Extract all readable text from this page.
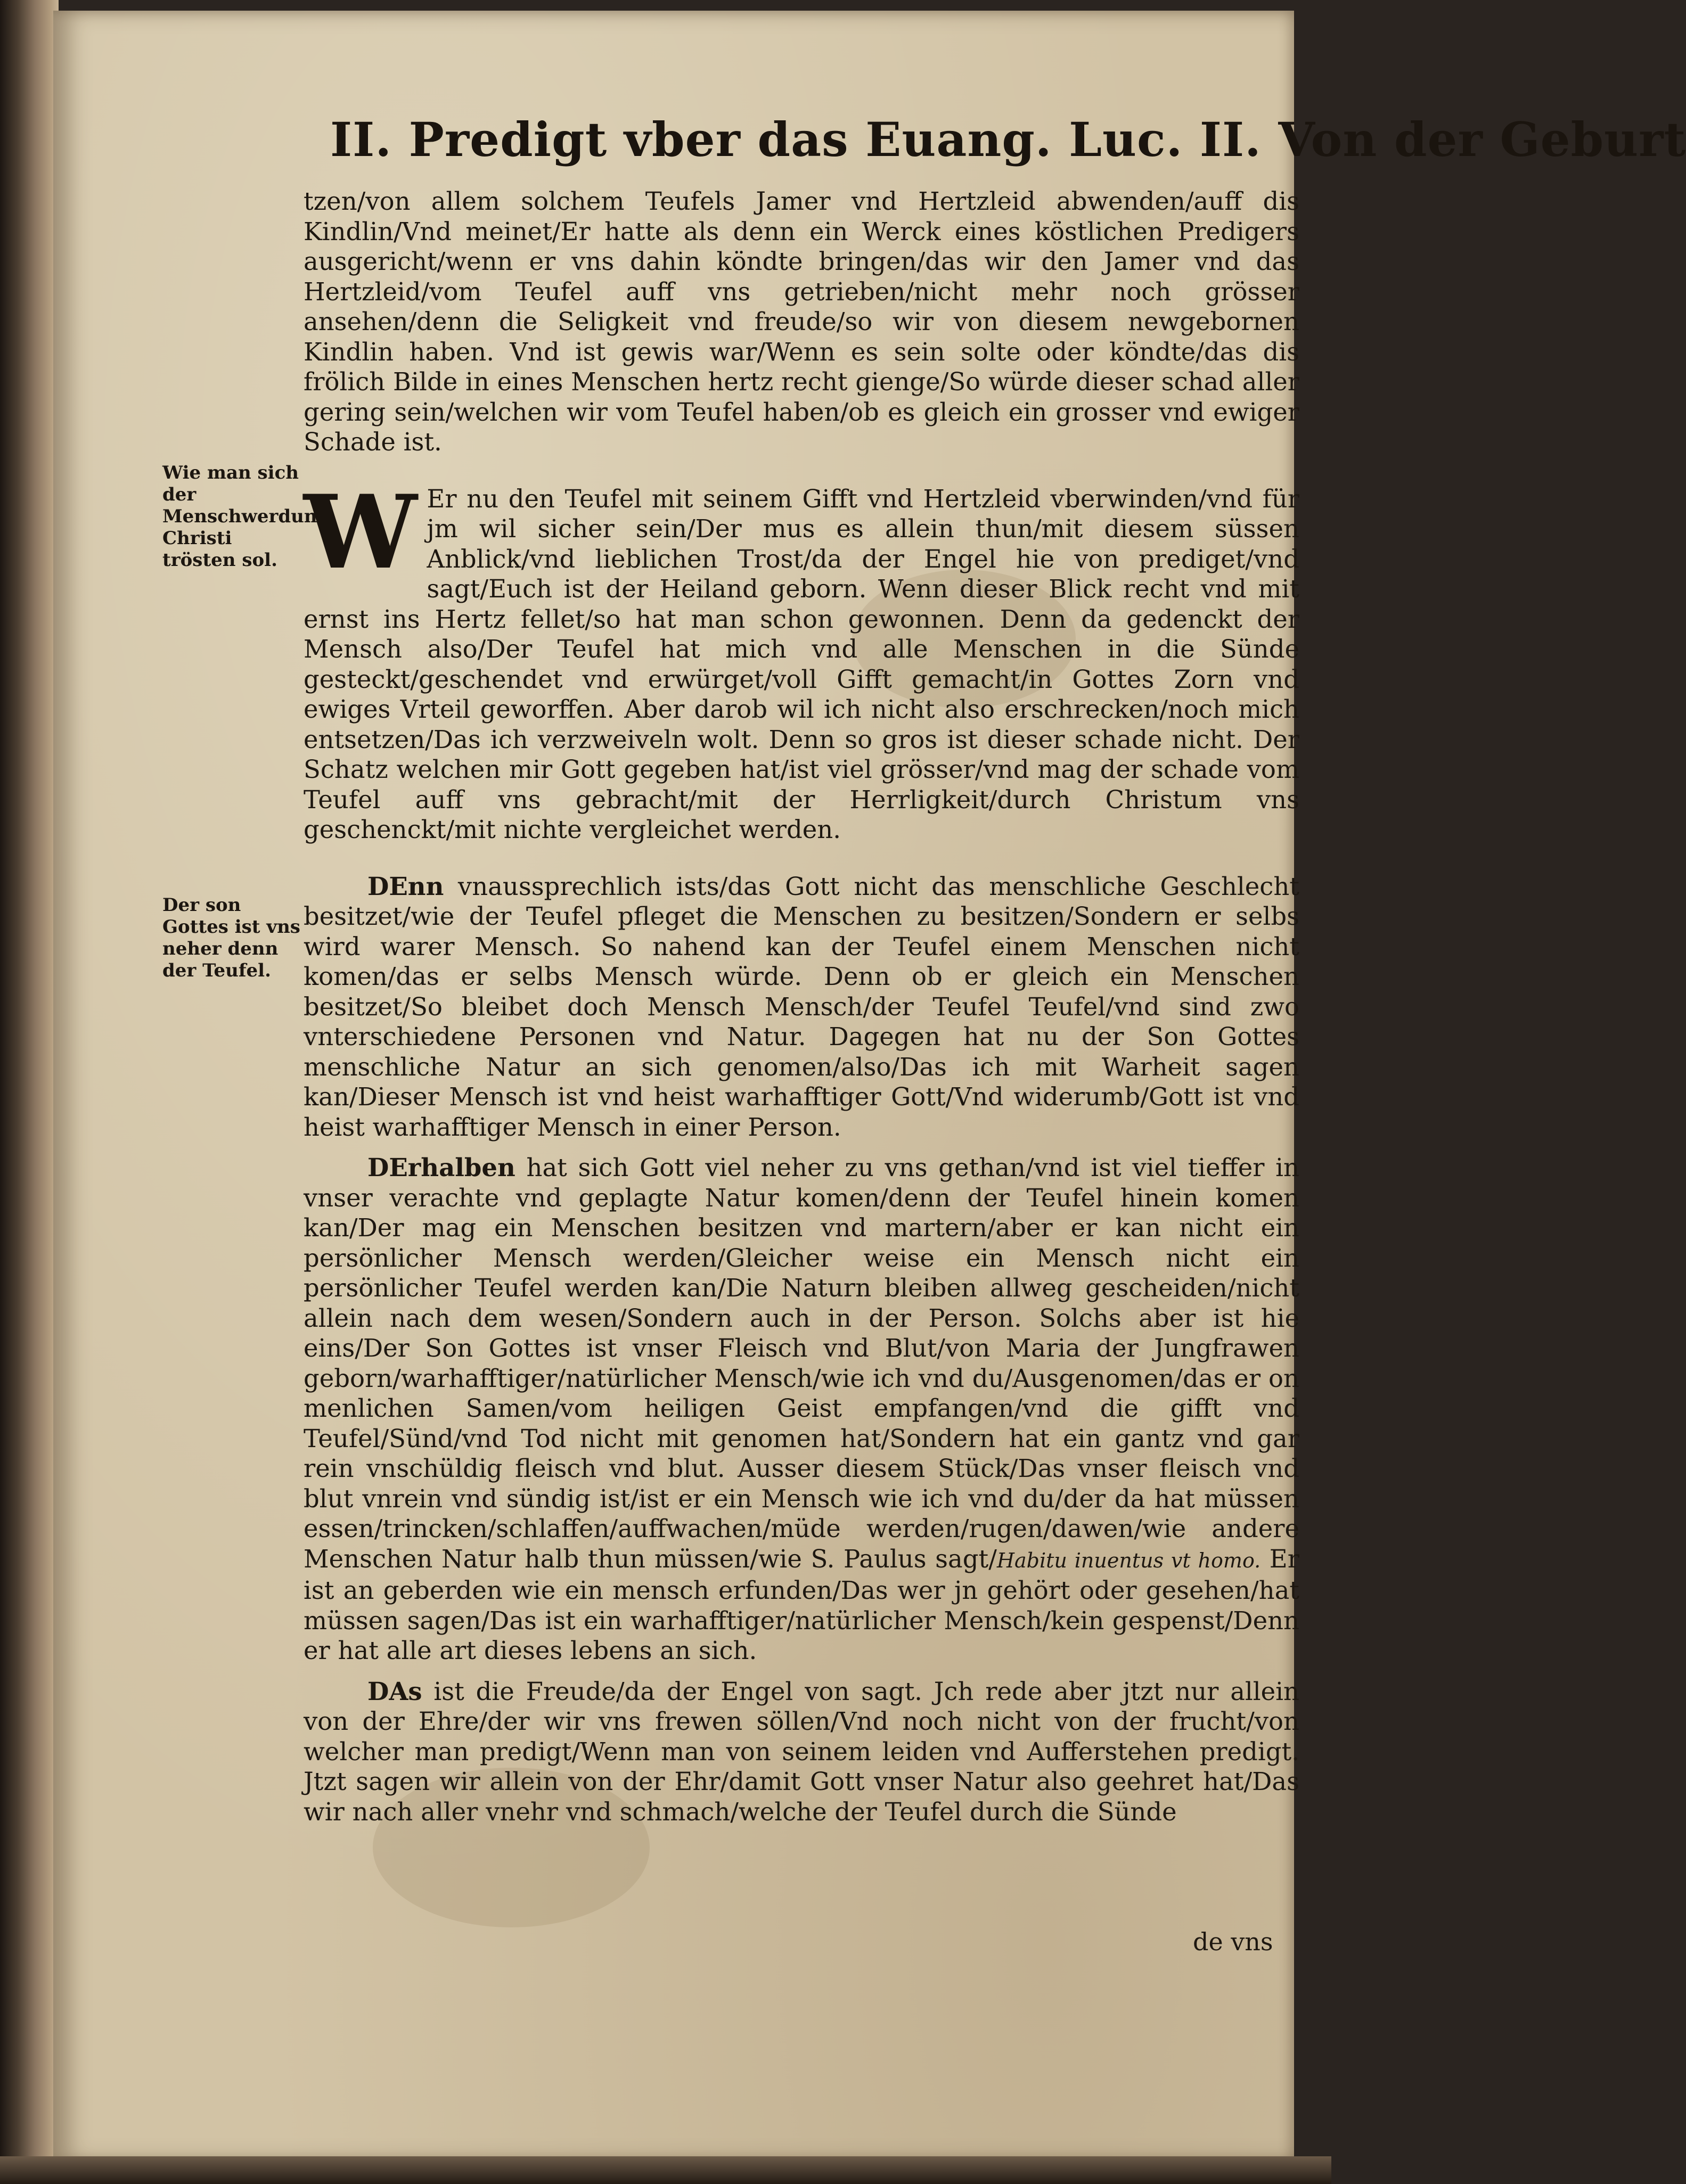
II. Predigt vber das Euang. Luc. II. Von der Geburt
Wie man sich der Menschwerdung Christi trösten sol.
Der son Gottes ist vns neher denn der Teufel.

tzen/von allem solchem Teufels Jamer vnd Hertzleid abwenden/auff dis Kindlin/Vnd meinet/Er hatte als denn ein Werck eines köstlichen Predigers ausgericht/wenn er vns dahin köndte bringen/das wir den Jamer vnd das Hertzleid/vom Teufel auff vns getrieben/nicht mehr noch grösser ansehen/denn die Seligkeit vnd freude/so wir von diesem newgebornen Kindlin haben. Vnd ist gewis war/Wenn es sein solte oder köndte/das dis frölich Bilde in eines Menschen hertz recht gienge/So würde dieser schad aller gering sein/welchen wir vom Teufel haben/ob es gleich ein grosser vnd ewiger Schade ist.

W Er nu den Teufel mit seinem Gifft vnd Hertzleid vberwinden/vnd für jm wil sicher sein/Der mus es allein thun/mit diesem süssen Anblick/vnd lieblichen Trost/da der Engel hie von prediget/vnd sagt/Euch ist der Heiland geborn. Wenn dieser Blick recht vnd mit ernst ins Hertz fellet/so hat man schon gewonnen. Denn da gedenckt der Mensch also/Der Teufel hat mich vnd alle Menschen in die Sünde gesteckt/geschendet vnd erwürget/voll Gifft gemacht/in Gottes Zorn vnd ewiges Vrteil geworffen. Aber darob wil ich nicht also erschrecken/noch mich entsetzen/Das ich verzweiveln wolt. Denn so gros ist dieser schade nicht. Der Schatz welchen mir Gott gegeben hat/ist viel grösser/vnd mag der schade vom Teufel auff vns gebracht/mit der Herrligkeit/durch Christum vns geschenckt/mit nichte vergleichet werden.

DEnn vnaussprechlich ists/das Gott nicht das menschliche Geschlecht besitzet/wie der Teufel pfleget die Menschen zu besitzen/Sondern er selbs wird warer Mensch. So nahend kan der Teufel einem Menschen nicht komen/das er selbs Mensch würde. Denn ob er gleich ein Menschen besitzet/So bleibet doch Mensch Mensch/der Teufel Teufel/vnd sind zwo vnterschiedene Personen vnd Natur. Dagegen hat nu der Son Gottes menschliche Natur an sich genomen/also/Das ich mit Warheit sagen kan/Dieser Mensch ist vnd heist warhafftiger Gott/Vnd widerumb/Gott ist vnd heist warhafftiger Mensch in einer Person.

DErhalben hat sich Gott viel neher zu vns gethan/vnd ist viel tieffer in vnser verachte vnd geplagte Natur komen/denn der Teufel hinein komen kan/Der mag ein Menschen besitzen vnd martern/aber er kan nicht ein persönlicher Mensch werden/Gleicher weise ein Mensch nicht ein persönlicher Teufel werden kan/Die Naturn bleiben allweg gescheiden/nicht allein nach dem wesen/Sondern auch in der Person. Solchs aber ist hie eins/Der Son Gottes ist vnser Fleisch vnd Blut/von Maria der Jungfrawen geborn/warhafftiger/natürlicher Mensch/wie ich vnd du/Ausgenomen/das er on menlichen Samen/vom heiligen Geist empfangen/vnd die gifft vnd Teufel/Sünd/vnd Tod nicht mit genomen hat/Sondern hat ein gantz vnd gar rein vnschüldig fleisch vnd blut. Ausser diesem Stück/Das vnser fleisch vnd blut vnrein vnd sündig ist/ist er ein Mensch wie ich vnd du/der da hat müssen essen/trincken/schlaffen/auffwachen/müde werden/rugen/dawen/wie andere Menschen Natur halb thun müssen/wie S. Paulus sagt/Habitu inuentus vt homo. Er ist an geberden wie ein mensch erfunden/Das wer jn gehört oder gesehen/hat müssen sagen/Das ist ein warhafftiger/natürlicher Mensch/kein gespenst/Denn er hat alle art dieses lebens an sich.

DAs ist die Freude/da der Engel von sagt. Jch rede aber jtzt nur allein von der Ehre/der wir vns frewen söllen/Vnd noch nicht von der frucht/von welcher man predigt/Wenn man von seinem leiden vnd Aufferstehen predigt. Jtzt sagen wir allein von der Ehr/damit Gott vnser Natur also geehret hat/Das wir nach aller vnehr vnd schmach/welche der Teufel durch die Sünde

de vns
